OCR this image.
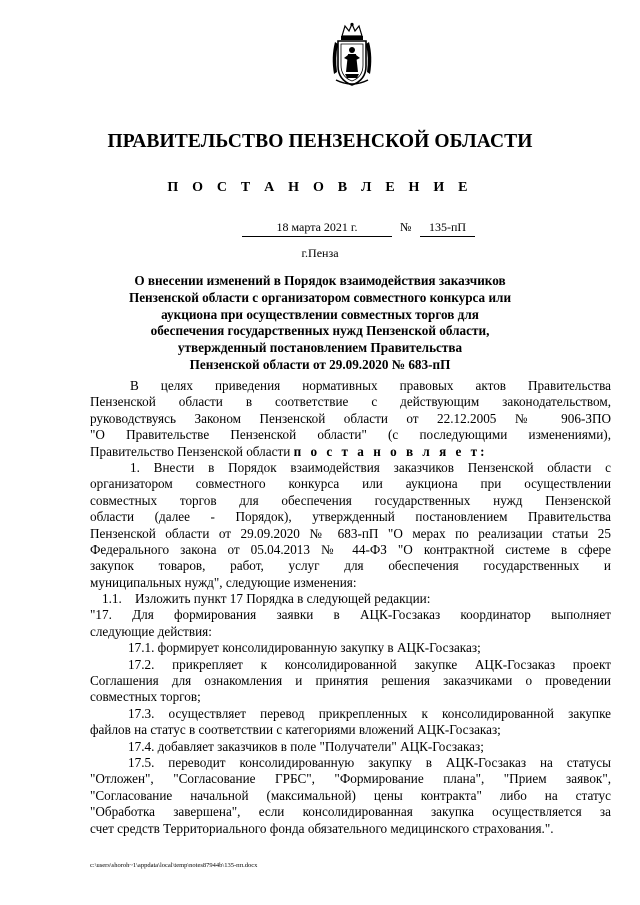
ПРАВИТЕЛЬСТВО ПЕНЗЕНСКОЙ ОБЛАСТИ
П О С Т А Н О В Л Е Н И Е
18 марта 2021 г.	№	135-пП
г.Пенза
О внесении изменений в Порядок взаимодействия заказчиков
Пензенской области с организатором совместного конкурса или
аукциона при осуществлении совместных торгов для
обеспечения государственных нужд Пензенской области,
утвержденный постановлением Правительства
Пензенской области от 29.09.2020 № 683-пП
В целях приведения нормативных правовых актов Правительства
Пензенской области в соответствие с действующим законодательством,
руководствуясь Законом Пензенской области от 22.12.2005 № 906-ЗПО
"О Правительстве Пензенской области" (с последующими изменениями),
Правительство Пензенской области п о с т а н о в л я е т:
1. Внести в Порядок взаимодействия заказчиков Пензенской области с
организатором совместного конкурса или аукциона при осуществлении
совместных торгов для обеспечения государственных нужд Пензенской
области (далее - Порядок), утвержденный постановлением Правительства
Пензенской области от 29.09.2020 № 683-пП "О мерах по реализации статьи 25
Федерального закона от 05.04.2013 № 44-ФЗ "О контрактной системе в сфере
закупок товаров, работ, услуг для обеспечения государственных и
муниципальных нужд", следующие изменения:
1.1.    Изложить пункт 17 Порядка в следующей редакции:
"17. Для формирования заявки в АЦК-Госзаказ координатор выполняет
следующие действия:
17.1. формирует консолидированную закупку в АЦК-Госзаказ;
17.2. прикрепляет к консолидированной закупке АЦК-Госзаказ проект
Соглашения для ознакомления и принятия решения заказчиками о проведении
совместных торгов;
17.3. осуществляет перевод прикрепленных к консолидированной закупке
файлов на статус в соответствии с категориями вложений АЦК-Госзаказ;
17.4. добавляет заказчиков в поле "Получатели" АЦК-Госзаказ;
17.5. переводит консолидированную закупку в АЦК-Госзаказ на статусы
"Отложен", "Согласование ГРБС", "Формирование плана", "Прием заявок",
"Согласование начальной (максимальной) цены контракта" либо на статус
"Обработка завершена", если консолидированная закупка осуществляется за
счет средств Территориального фонда обязательного медицинского страхования.".
c:\users\shoroh~1\appdata\local\temp\notes87944b\135-пп.docx
